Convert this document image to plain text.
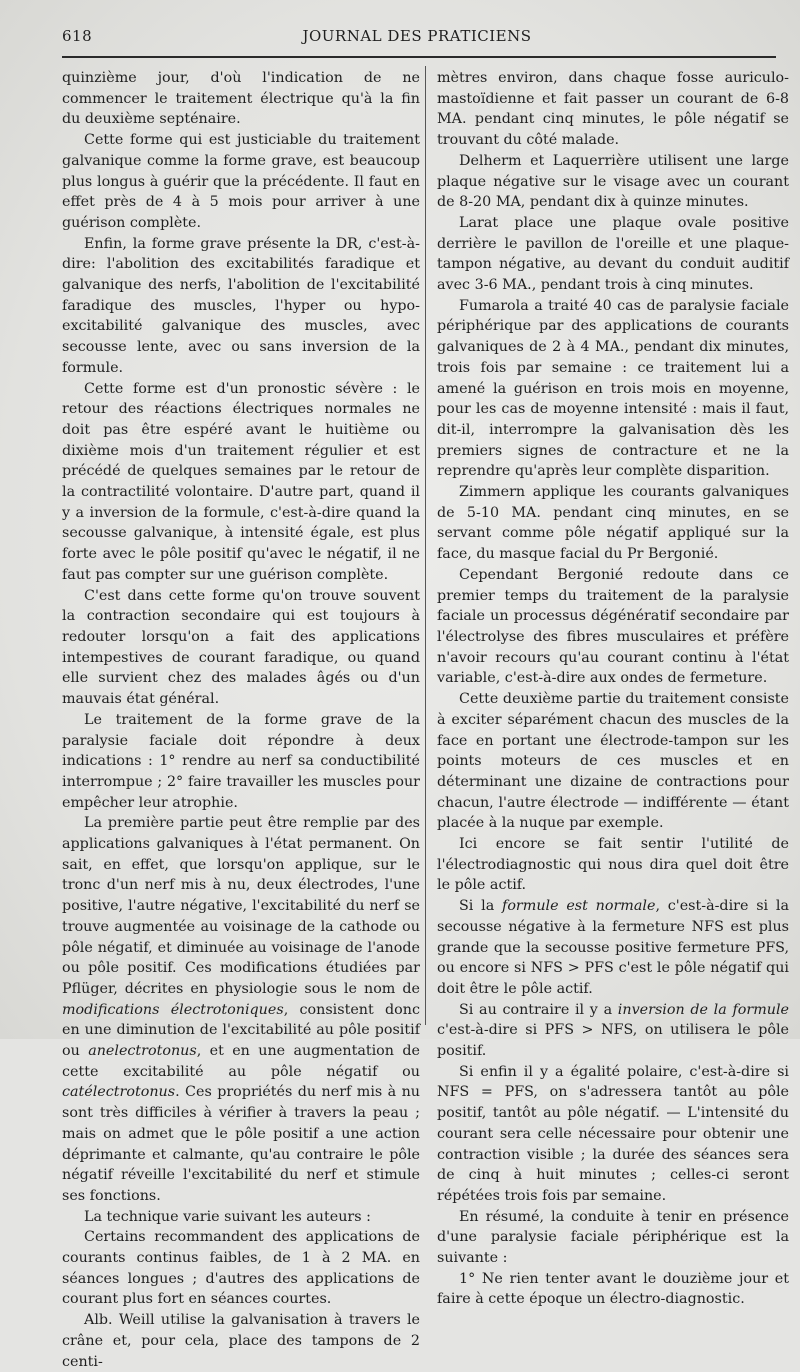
618	JOURNAL DES PRATICIENS

quinzième jour, d'où l'indication de ne commencer le traitement électrique qu'à la fin du deuxième septénaire.

Cette forme qui est justiciable du traitement galvanique comme la forme grave, est beaucoup plus longus à guérir que la précédente. Il faut en effet près de 4 à 5 mois pour arriver à une guérison complète.

Enfin, la forme grave présente la DR, c'est-à-dire: l'abolition des excitabilités faradique et galvanique des nerfs, l'abolition de l'excitabilité faradique des muscles, l'hyper ou hypo-excitabilité galvanique des muscles, avec secousse lente, avec ou sans inversion de la formule.

Cette forme est d'un pronostic sévère : le retour des réactions électriques normales ne doit pas être espéré avant le huitième ou dixième mois d'un traitement régulier et est précédé de quelques semaines par le retour de la contractilité volontaire. D'autre part, quand il y a inversion de la formule, c'est-à-dire quand la secousse galvanique, à intensité égale, est plus forte avec le pôle positif qu'avec le négatif, il ne faut pas compter sur une guérison complète.

C'est dans cette forme qu'on trouve souvent la contraction secondaire qui est toujours à redouter lorsqu'on a fait des applications intempestives de courant faradique, ou quand elle survient chez des malades âgés ou d'un mauvais état général.

Le traitement de la forme grave de la paralysie faciale doit répondre à deux indications : 1° rendre au nerf sa conductibilité interrompue ; 2° faire travailler les muscles pour empêcher leur atrophie.

La première partie peut être remplie par des applications galvaniques à l'état permanent. On sait, en effet, que lorsqu'on applique, sur le tronc d'un nerf mis à nu, deux électrodes, l'une positive, l'autre négative, l'excitabilité du nerf se trouve augmentée au voisinage de la cathode ou pôle négatif, et diminuée au voisinage de l'anode ou pôle positif. Ces modifications étudiées par Pflüger, décrites en physiologie sous le nom de modifications électrotoniques, consistent donc en une diminution de l'excitabilité au pôle positif ou anelectrotonus, et en une augmentation de cette excitabilité au pôle négatif ou catélectrotonus. Ces propriétés du nerf mis à nu sont très difficiles à vérifier à travers la peau ; mais on admet que le pôle positif a une action déprimante et calmante, qu'au contraire le pôle négatif réveille l'excitabilité du nerf et stimule ses fonctions.

La technique varie suivant les auteurs :

Certains recommandent des applications de courants continus faibles, de 1 à 2 MA. en séances longues ; d'autres des applications de courant plus fort en séances courtes.

Alb. Weill utilise la galvanisation à travers le crâne et, pour cela, place des tampons de 2 centi-

mètres environ, dans chaque fosse auriculo-mastoïdienne et fait passer un courant de 6-8 MA. pendant cinq minutes, le pôle négatif se trouvant du côté malade.

Delherm et Laquerrière utilisent une large plaque négative sur le visage avec un courant de 8-20 MA, pendant dix à quinze minutes.

Larat place une plaque ovale positive derrière le pavillon de l'oreille et une plaque-tampon négative, au devant du conduit auditif avec 3-6 MA., pendant trois à cinq minutes.

Fumarola a traité 40 cas de paralysie faciale périphérique par des applications de courants galvaniques de 2 à 4 MA., pendant dix minutes, trois fois par semaine : ce traitement lui a amené la guérison en trois mois en moyenne, pour les cas de moyenne intensité : mais il faut, dit-il, interrompre la galvanisation dès les premiers signes de contracture et ne la reprendre qu'après leur complète disparition.

Zimmern applique les courants galvaniques de 5-10 MA. pendant cinq minutes, en se servant comme pôle négatif appliqué sur la face, du masque facial du Pr Bergonié.

Cependant Bergonié redoute dans ce premier temps du traitement de la paralysie faciale un processus dégénératif secondaire par l'électrolyse des fibres musculaires et préfère n'avoir recours qu'au courant continu à l'état variable, c'est-à-dire aux ondes de fermeture.

Cette deuxième partie du traitement consiste à exciter séparément chacun des muscles de la face en portant une électrode-tampon sur les points moteurs de ces muscles et en déterminant une dizaine de contractions pour chacun, l'autre électrode — indifférente — étant placée à la nuque par exemple.

Ici encore se fait sentir l'utilité de l'électrodiagnostic qui nous dira quel doit être le pôle actif.

Si la formule est normale, c'est-à-dire si la secousse négative à la fermeture NFS est plus grande que la secousse positive fermeture PFS, ou encore si NFS > PFS c'est le pôle négatif qui doit être le pôle actif.

Si au contraire il y a inversion de la formule c'est-à-dire si PFS > NFS, on utilisera le pôle positif.

Si enfin il y a égalité polaire, c'est-à-dire si NFS = PFS, on s'adressera tantôt au pôle positif, tantôt au pôle négatif. — L'intensité du courant sera celle nécessaire pour obtenir une contraction visible ; la durée des séances sera de cinq à huit minutes ; celles-ci seront répétées trois fois par semaine.

En résumé, la conduite à tenir en présence d'une paralysie faciale périphérique est la suivante :

1° Ne rien tenter avant le douzième jour et faire à cette époque un électro-diagnostic.
